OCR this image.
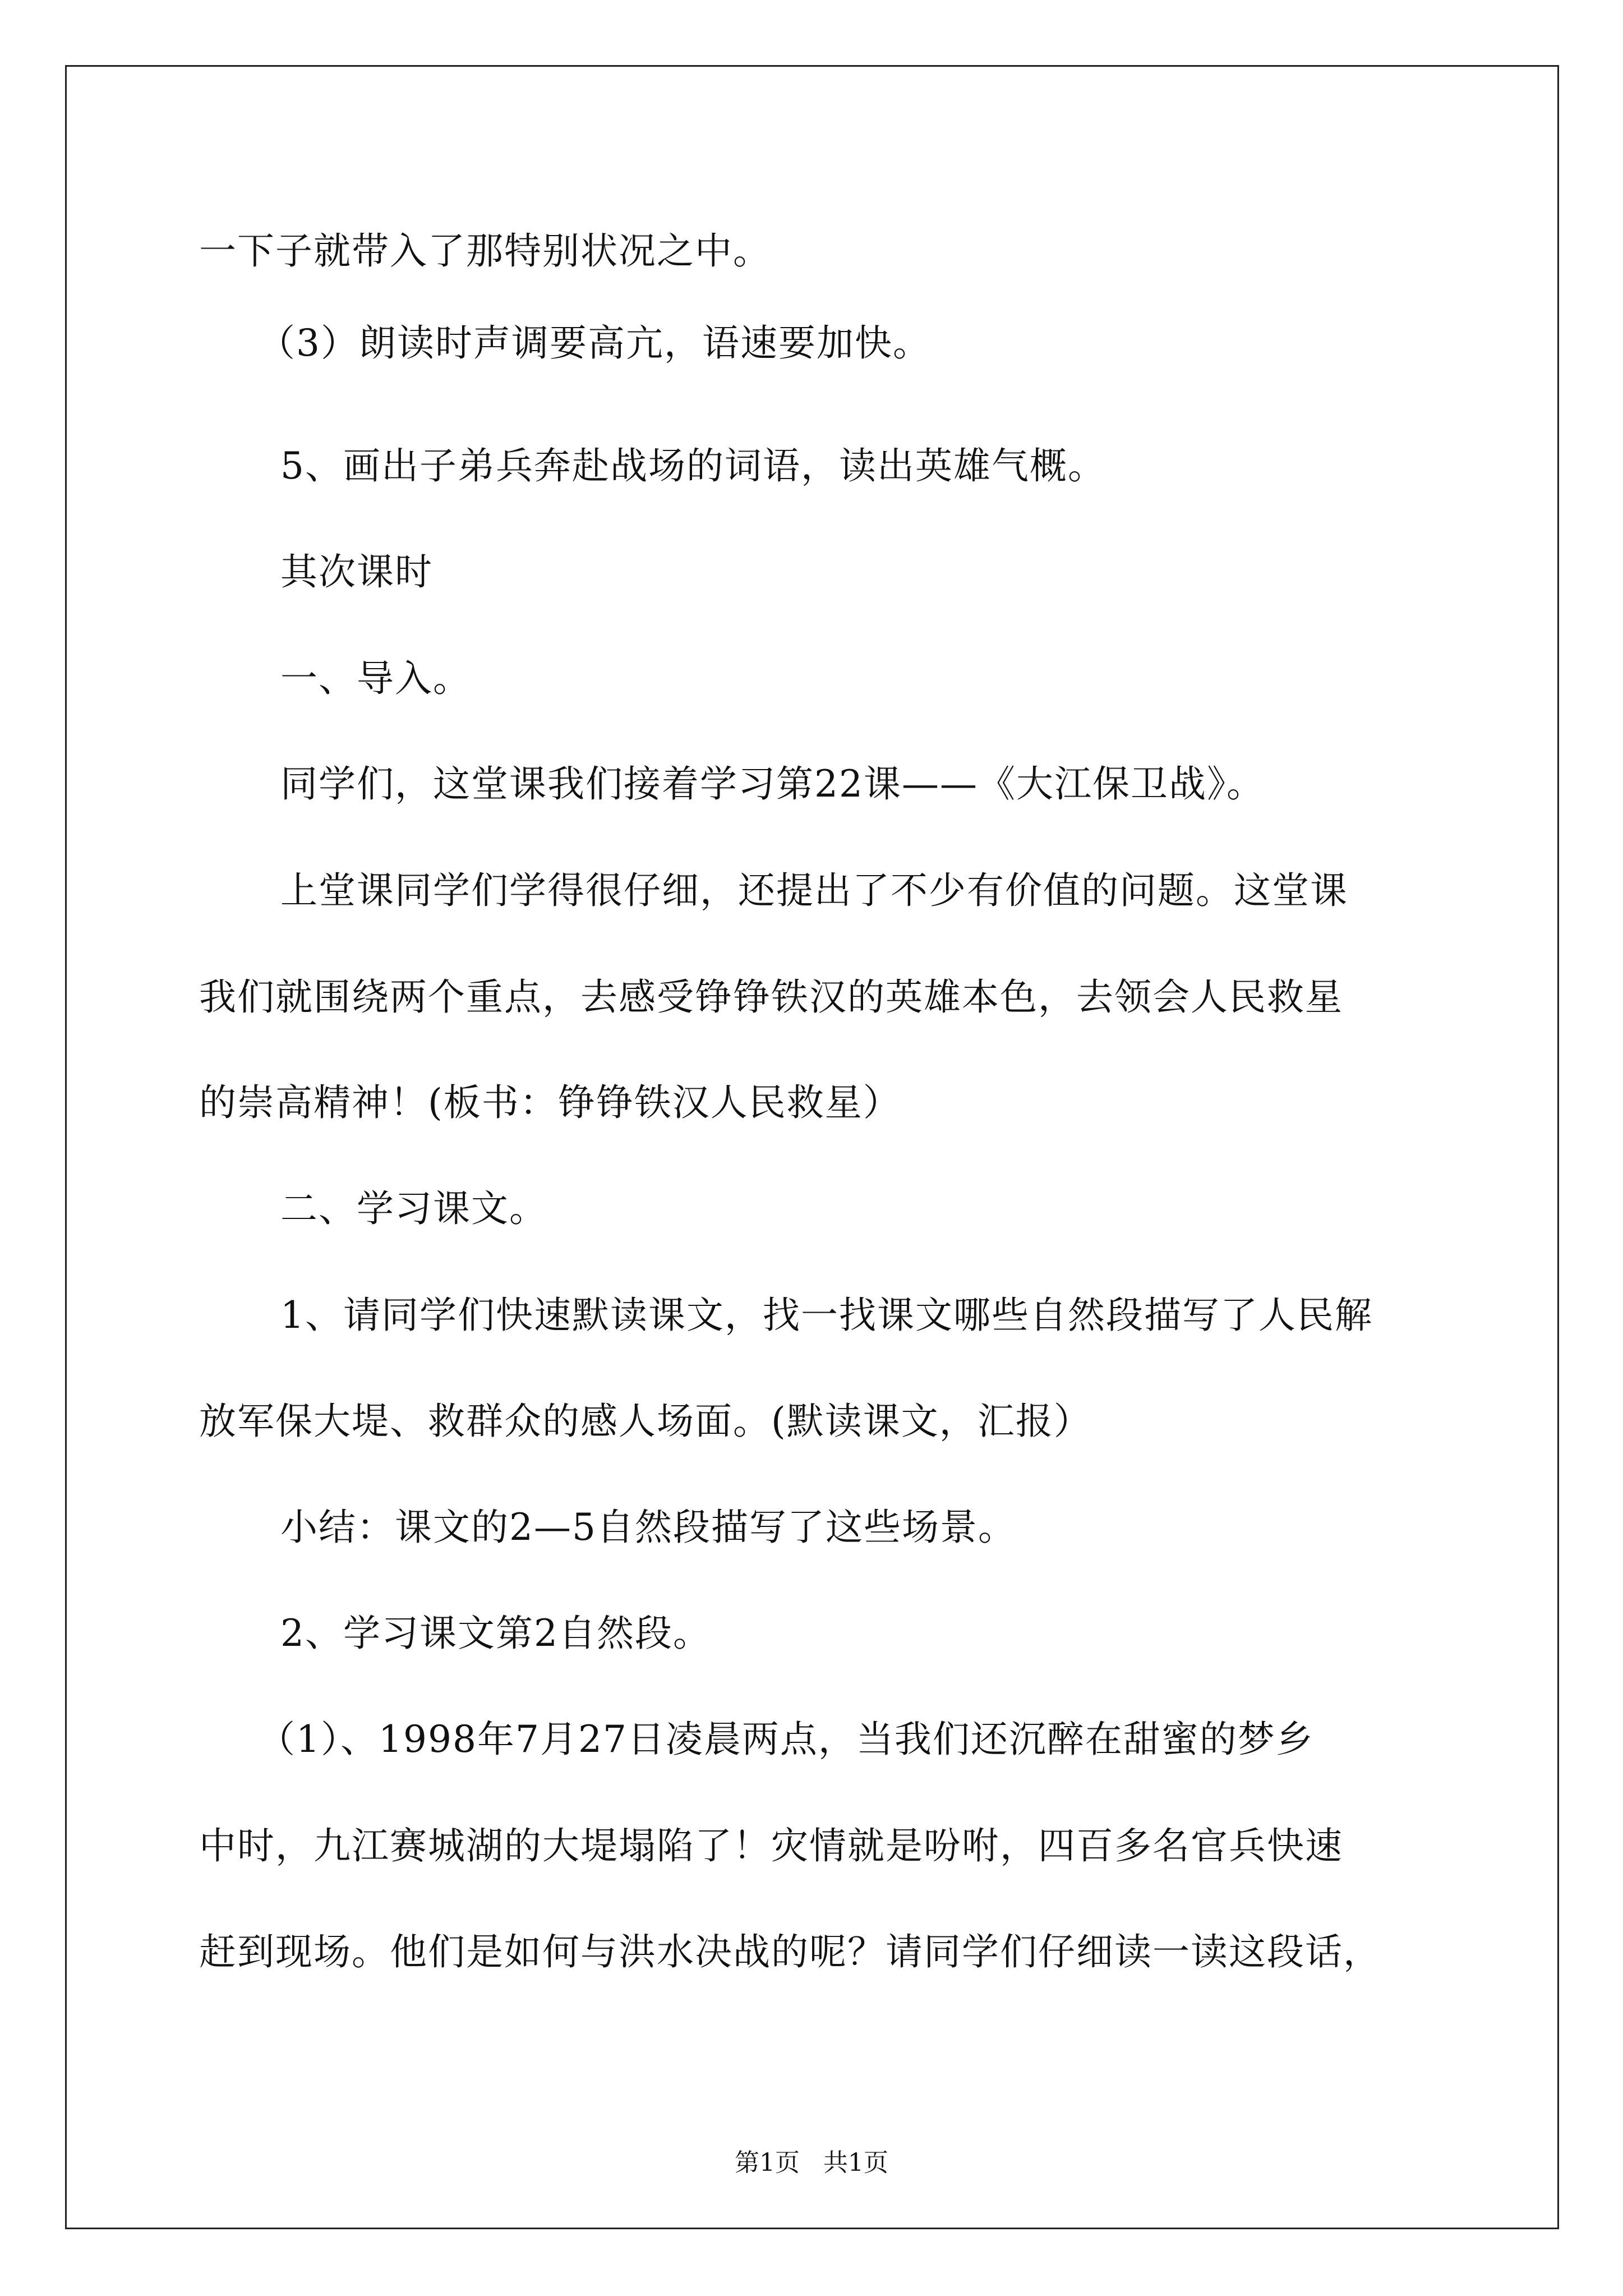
一下子就带入了那特别状况之中。
（3）朗读时声调要高亢，语速要加快。
5、画出子弟兵奔赴战场的词语，读出英雄气概。
其次课时
一、导入。
同学们，这堂课我们接着学习第22课——《大江保卫战》。
上堂课同学们学得很仔细，还提出了不少有价值的问题。这堂课
我们就围绕两个重点，去感受铮铮铁汉的英雄本色，去领会人民救星
的崇高精神！(板书：铮铮铁汉人民救星）
二、学习课文。
1、请同学们快速默读课文，找一找课文哪些自然段描写了人民解
放军保大堤、救群众的感人场面。(默读课文，汇报）
小结：课文的2—5自然段描写了这些场景。
2、学习课文第2自然段。
（1）、1998年7月27日凌晨两点，当我们还沉醉在甜蜜的梦乡
中时，九江赛城湖的大堤塌陷了！灾情就是吩咐，四百多名官兵快速
赶到现场。他们是如何与洪水决战的呢？请同学们仔细读一读这段话，
第1页   共1页
